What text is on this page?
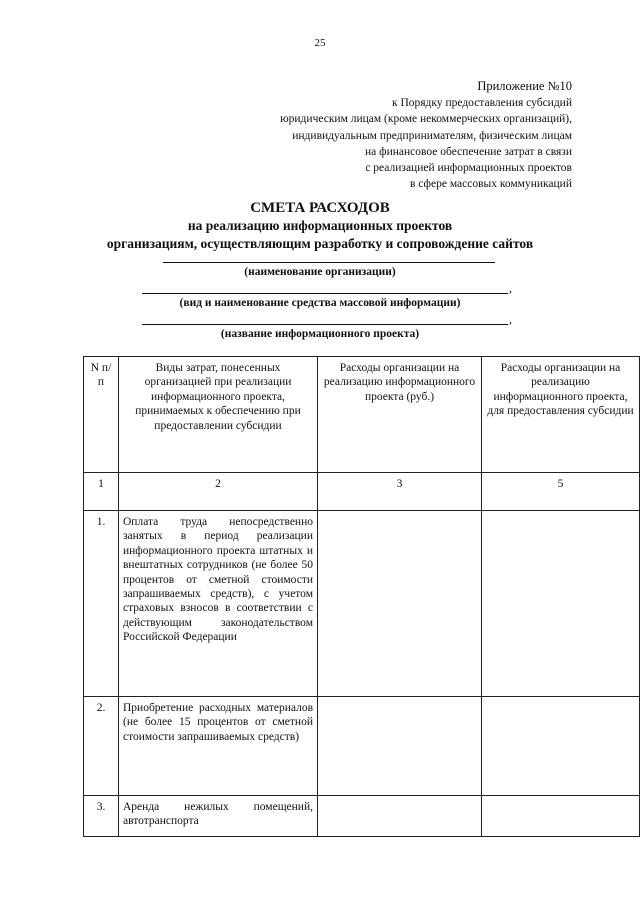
25
Приложение №10
к Порядку предоставления субсидий
юридическим лицам (кроме некоммерческих организаций),
индивидуальным предпринимателям, физическим лицам
на финансовое обеспечение затрат в связи
с реализацией информационных проектов
в сфере массовых коммуникаций
СМЕТА РАСХОДОВ
на реализацию информационных проектов
организациям, осуществляющим разработку и сопровождение сайтов
(наименование организации)
,
(вид и наименование средства массовой информации)
,
(название информационного проекта)
N п/п	Виды затрат, понесенных организацией при реализации информационного проекта, принимаемых к обеспечению при предоставлении субсидии	Расходы организации на реализацию информационного проекта (руб.)	Расходы организации на реализацию информационного проекта, для предоставления субсидии
1	2	3	5
1.	Оплата труда непосредственно занятых в период реализации информационного проекта штатных и внештатных сотрудников (не более 50 процентов от сметной стоимости запрашиваемых средств), с учетом страховых взносов в соответствии с действующим законодательством Российской Федерации		
2.	Приобретение расходных материалов (не более 15 процентов от сметной стоимости запрашиваемых средств)		
3.	Аренда нежилых помещений, автотранспорта		
